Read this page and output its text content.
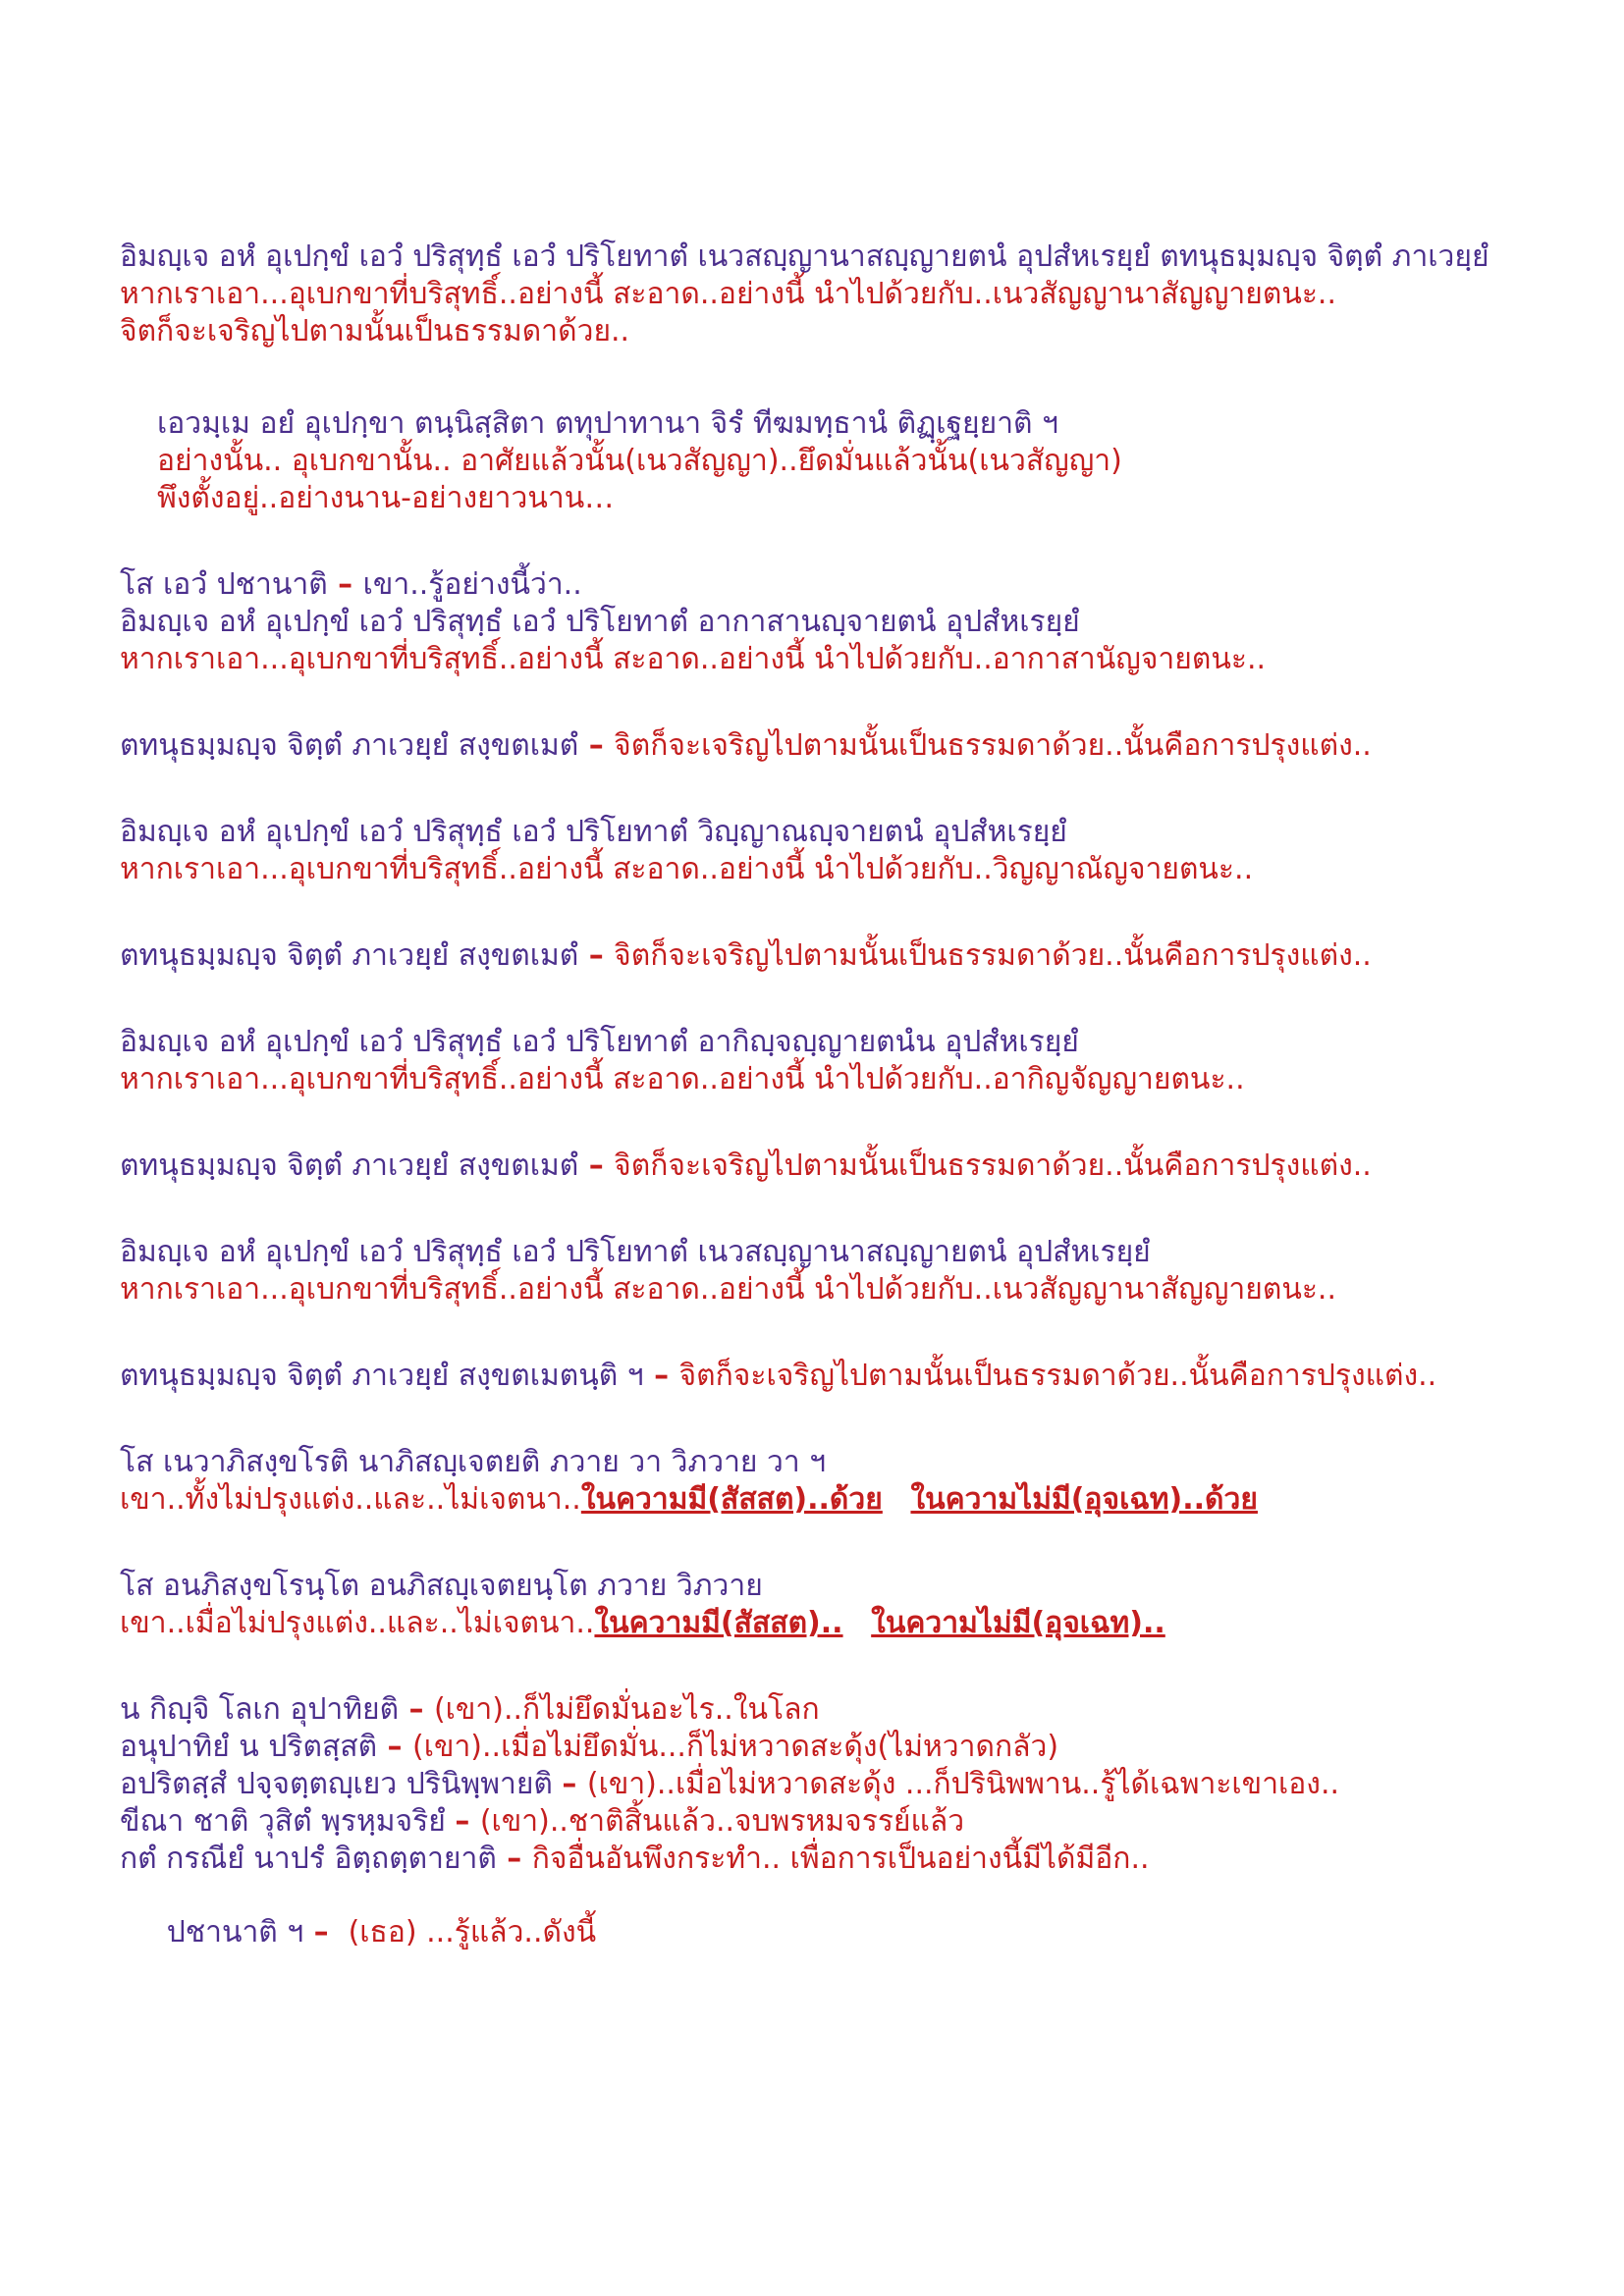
อิมญฺเจ อหํ อุเปกฺขํ เอวํ ปริสุทฺธํ เอวํ ปริโยทาตํ เนวสญฺญานาสญฺญายตนํ อุปสํหเรยฺยํ ตทนุธมฺมญฺจ จิตฺตํ ภาเวยฺยํ
หากเราเอา...อุเบกขาที่บริสุทธิ์..อย่างนี้ สะอาด..อย่างนี้ นำไปด้วยกับ..เนวสัญญานาสัญญายตนะ..
จิตก็จะเจริญไปตามนั้นเป็นธรรมดาด้วย..
เอวมฺเม อยํ อุเปกฺขา ตนฺนิสฺสิตา ตทุปาทานา จิรํ ทีฆมทฺธานํ ติฏฺเฐยฺยาติ ฯ
อย่างนั้น.. อุเบกขานั้น.. อาศัยแล้วนั้น(เนวสัญญา)..ยึดมั่นแล้วนั้น(เนวสัญญา)
พึงตั้งอยู่..อย่างนาน-อย่างยาวนาน…
โส เอวํ ปชานาติ – เขา..รู้อย่างนี้ว่า..
อิมญฺเจ อหํ อุเปกฺขํ เอวํ ปริสุทฺธํ เอวํ ปริโยทาตํ อากาสานญฺจายตนํ อุปสํหเรยฺยํ
หากเราเอา...อุเบกขาที่บริสุทธิ์..อย่างนี้ สะอาด..อย่างนี้ นำไปด้วยกับ..อากาสานัญจายตนะ..
ตทนุธมฺมญฺจ จิตฺตํ ภาเวยฺยํ สงฺขตเมตํ – จิตก็จะเจริญไปตามนั้นเป็นธรรมดาด้วย..นั้นคือการปรุงแต่ง..
อิมญฺเจ อหํ อุเปกฺขํ เอวํ ปริสุทฺธํ เอวํ ปริโยทาตํ วิญฺญาณญฺจายตนํ อุปสํหเรยฺยํ
หากเราเอา...อุเบกขาที่บริสุทธิ์..อย่างนี้ สะอาด..อย่างนี้ นำไปด้วยกับ..วิญญาณัญจายตนะ..
ตทนุธมฺมญฺจ จิตฺตํ ภาเวยฺยํ สงฺขตเมตํ – จิตก็จะเจริญไปตามนั้นเป็นธรรมดาด้วย..นั้นคือการปรุงแต่ง..
อิมญฺเจ อหํ อุเปกฺขํ เอวํ ปริสุทฺธํ เอวํ ปริโยทาตํ อากิญฺจญฺญายตนํน อุปสํหเรยฺยํ
หากเราเอา...อุเบกขาที่บริสุทธิ์..อย่างนี้ สะอาด..อย่างนี้ นำไปด้วยกับ..อากิญจัญญายตนะ..
ตทนุธมฺมญฺจ จิตฺตํ ภาเวยฺยํ สงฺขตเมตํ – จิตก็จะเจริญไปตามนั้นเป็นธรรมดาด้วย..นั้นคือการปรุงแต่ง..
อิมญฺเจ อหํ อุเปกฺขํ เอวํ ปริสุทฺธํ เอวํ ปริโยทาตํ เนวสญฺญานาสญฺญายตนํ อุปสํหเรยฺยํ
หากเราเอา...อุเบกขาที่บริสุทธิ์..อย่างนี้ สะอาด..อย่างนี้ นำไปด้วยกับ..เนวสัญญานาสัญญายตนะ..
ตทนุธมฺมญฺจ จิตฺตํ ภาเวยฺยํ สงฺขตเมตนฺติ ฯ – จิตก็จะเจริญไปตามนั้นเป็นธรรมดาด้วย..นั้นคือการปรุงแต่ง..
โส เนวาภิสงฺขโรติ นาภิสญฺเจตยติ ภวาย วา วิภวาย วา ฯ
เขา..ทั้งไม่ปรุงแต่ง..และ..ไม่เจตนา..ในความมี(สัสสต)..ด้วย ในความไม่มี(อุจเฉท)..ด้วย
โส อนภิสงฺขโรนฺโต อนภิสญฺเจตยนฺโต ภวาย วิภวาย
เขา..เมื่อไม่ปรุงแต่ง..และ..ไม่เจตนา..ในความมี(สัสสต).. ในความไม่มี(อุจเฉท)..
น กิญฺจิ โลเก อุปาทิยติ – (เขา)..ก็ไม่ยึดมั่นอะไร..ในโลก
อนุปาทิยํ น ปริตสฺสติ – (เขา)..เมื่อไม่ยึดมั่น...ก็ไม่หวาดสะดุ้ง(ไม่หวาดกลัว)
อปริตสฺสํ ปจฺจตฺตญฺเยว ปรินิพฺพายติ – (เขา)..เมื่อไม่หวาดสะดุ้ง ...ก็ปรินิพพาน..รู้ได้เฉพาะเขาเอง..
ขีณา ชาติ วุสิตํ พฺรหฺมจริยํ – (เขา)..ชาติสิ้นแล้ว..จบพรหมจรรย์แล้ว
กตํ กรณียํ นาปรํ อิตฺถตฺตายาติ – กิจอื่นอันพึงกระทำ.. เพื่อการเป็นอย่างนี้มีได้มีอีก..

ปชานาติ ฯ –  (เธอ) ...รู้แล้ว..ดังนี้
